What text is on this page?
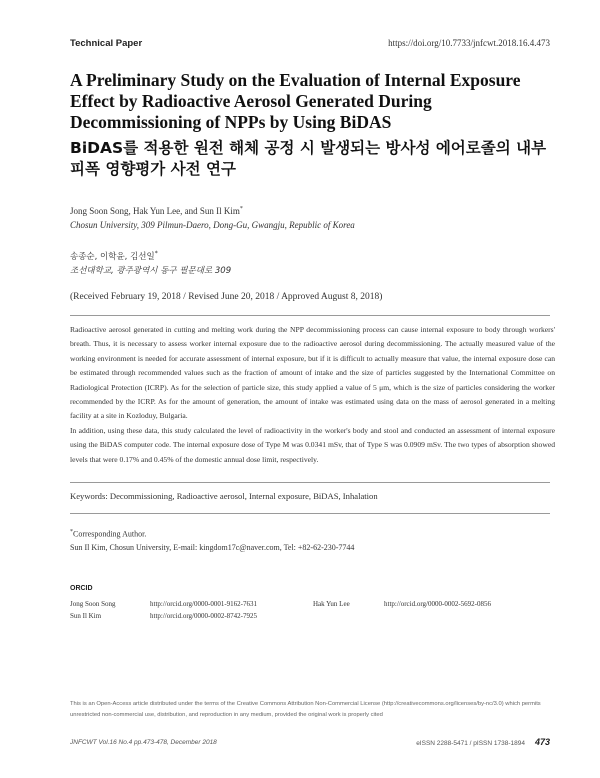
Technical Paper	https://doi.org/10.7733/jnfcwt.2018.16.4.473
A Preliminary Study on the Evaluation of Internal Exposure Effect by Radioactive Aerosol Generated During Decommissioning of NPPs by Using BiDAS
BiDAS를 적용한 원전 해체 공정 시 발생되는 방사성 에어로졸의 내부피폭 영향평가 사전 연구
Jong Soon Song, Hak Yun Lee, and Sun Il Kim*
Chosun University, 309 Pilmun-Daero, Dong-Gu, Gwangju, Republic of Korea
송종순, 이학윤, 김선일*
조선대학교, 광주광역시 동구 필문대로 309
(Received February 19, 2018 / Revised June 20, 2018 / Approved August 8, 2018)

Radioactive aerosol generated in cutting and melting work during the NPP decommissioning process can cause internal exposure to body through workers' breath. Thus, it is necessary to assess worker internal exposure due to the radioactive aerosol during decommissioning. The actually measured value of the working environment is needed for accurate assessment of internal exposure, but if it is difficult to actually measure that value, the internal exposure dose can be estimated through recommended values such as the fraction of amount of intake and the size of particles suggested by the International Committee on Radiological Protection (ICRP). As for the selection of particle size, this study applied a value of 5 μm, which is the size of particles considering the worker recommended by the ICRP. As for the amount of generation, the amount of intake was estimated using data on the mass of aerosol generated in a melting facility at a site in Kozloduy, Bulgaria.

In addition, using these data, this study calculated the level of radioactivity in the worker's body and stool and conducted an assessment of internal exposure using the BiDAS computer code. The internal exposure dose of Type M was 0.0341 mSv, that of Type S was 0.0909 mSv. The two types of absorption showed levels that were 0.17% and 0.45% of the domestic annual dose limit, respectively.

Keywords: Decommissioning, Radioactive aerosol, Internal exposure, BiDAS, Inhalation
*Corresponding Author.
Sun Il Kim, Chosun University, E-mail: kingdom17c@naver.com, Tel: +82-62-230-7744
ORCID
Jong Soon Song	http://orcid.org/0000-0001-9162-7631	Hak Yun Lee	http://orcid.org/0000-0002-5692-0856
Sun Il Kim	http://orcid.org/0000-0002-8742-7925
This is an Open-Access article distributed under the terms of the Creative Commons Attribution Non-Commercial License (http://creativecommons.org/licenses/by-nc/3.0) which permits unrestricted non-commercial use, distribution, and reproduction in any medium, provided the original work is properly cited
JNFCWT Vol.16 No.4 pp.473-478, December 2018	eISSN 2288-5471 / pISSN 1738-1894 473
